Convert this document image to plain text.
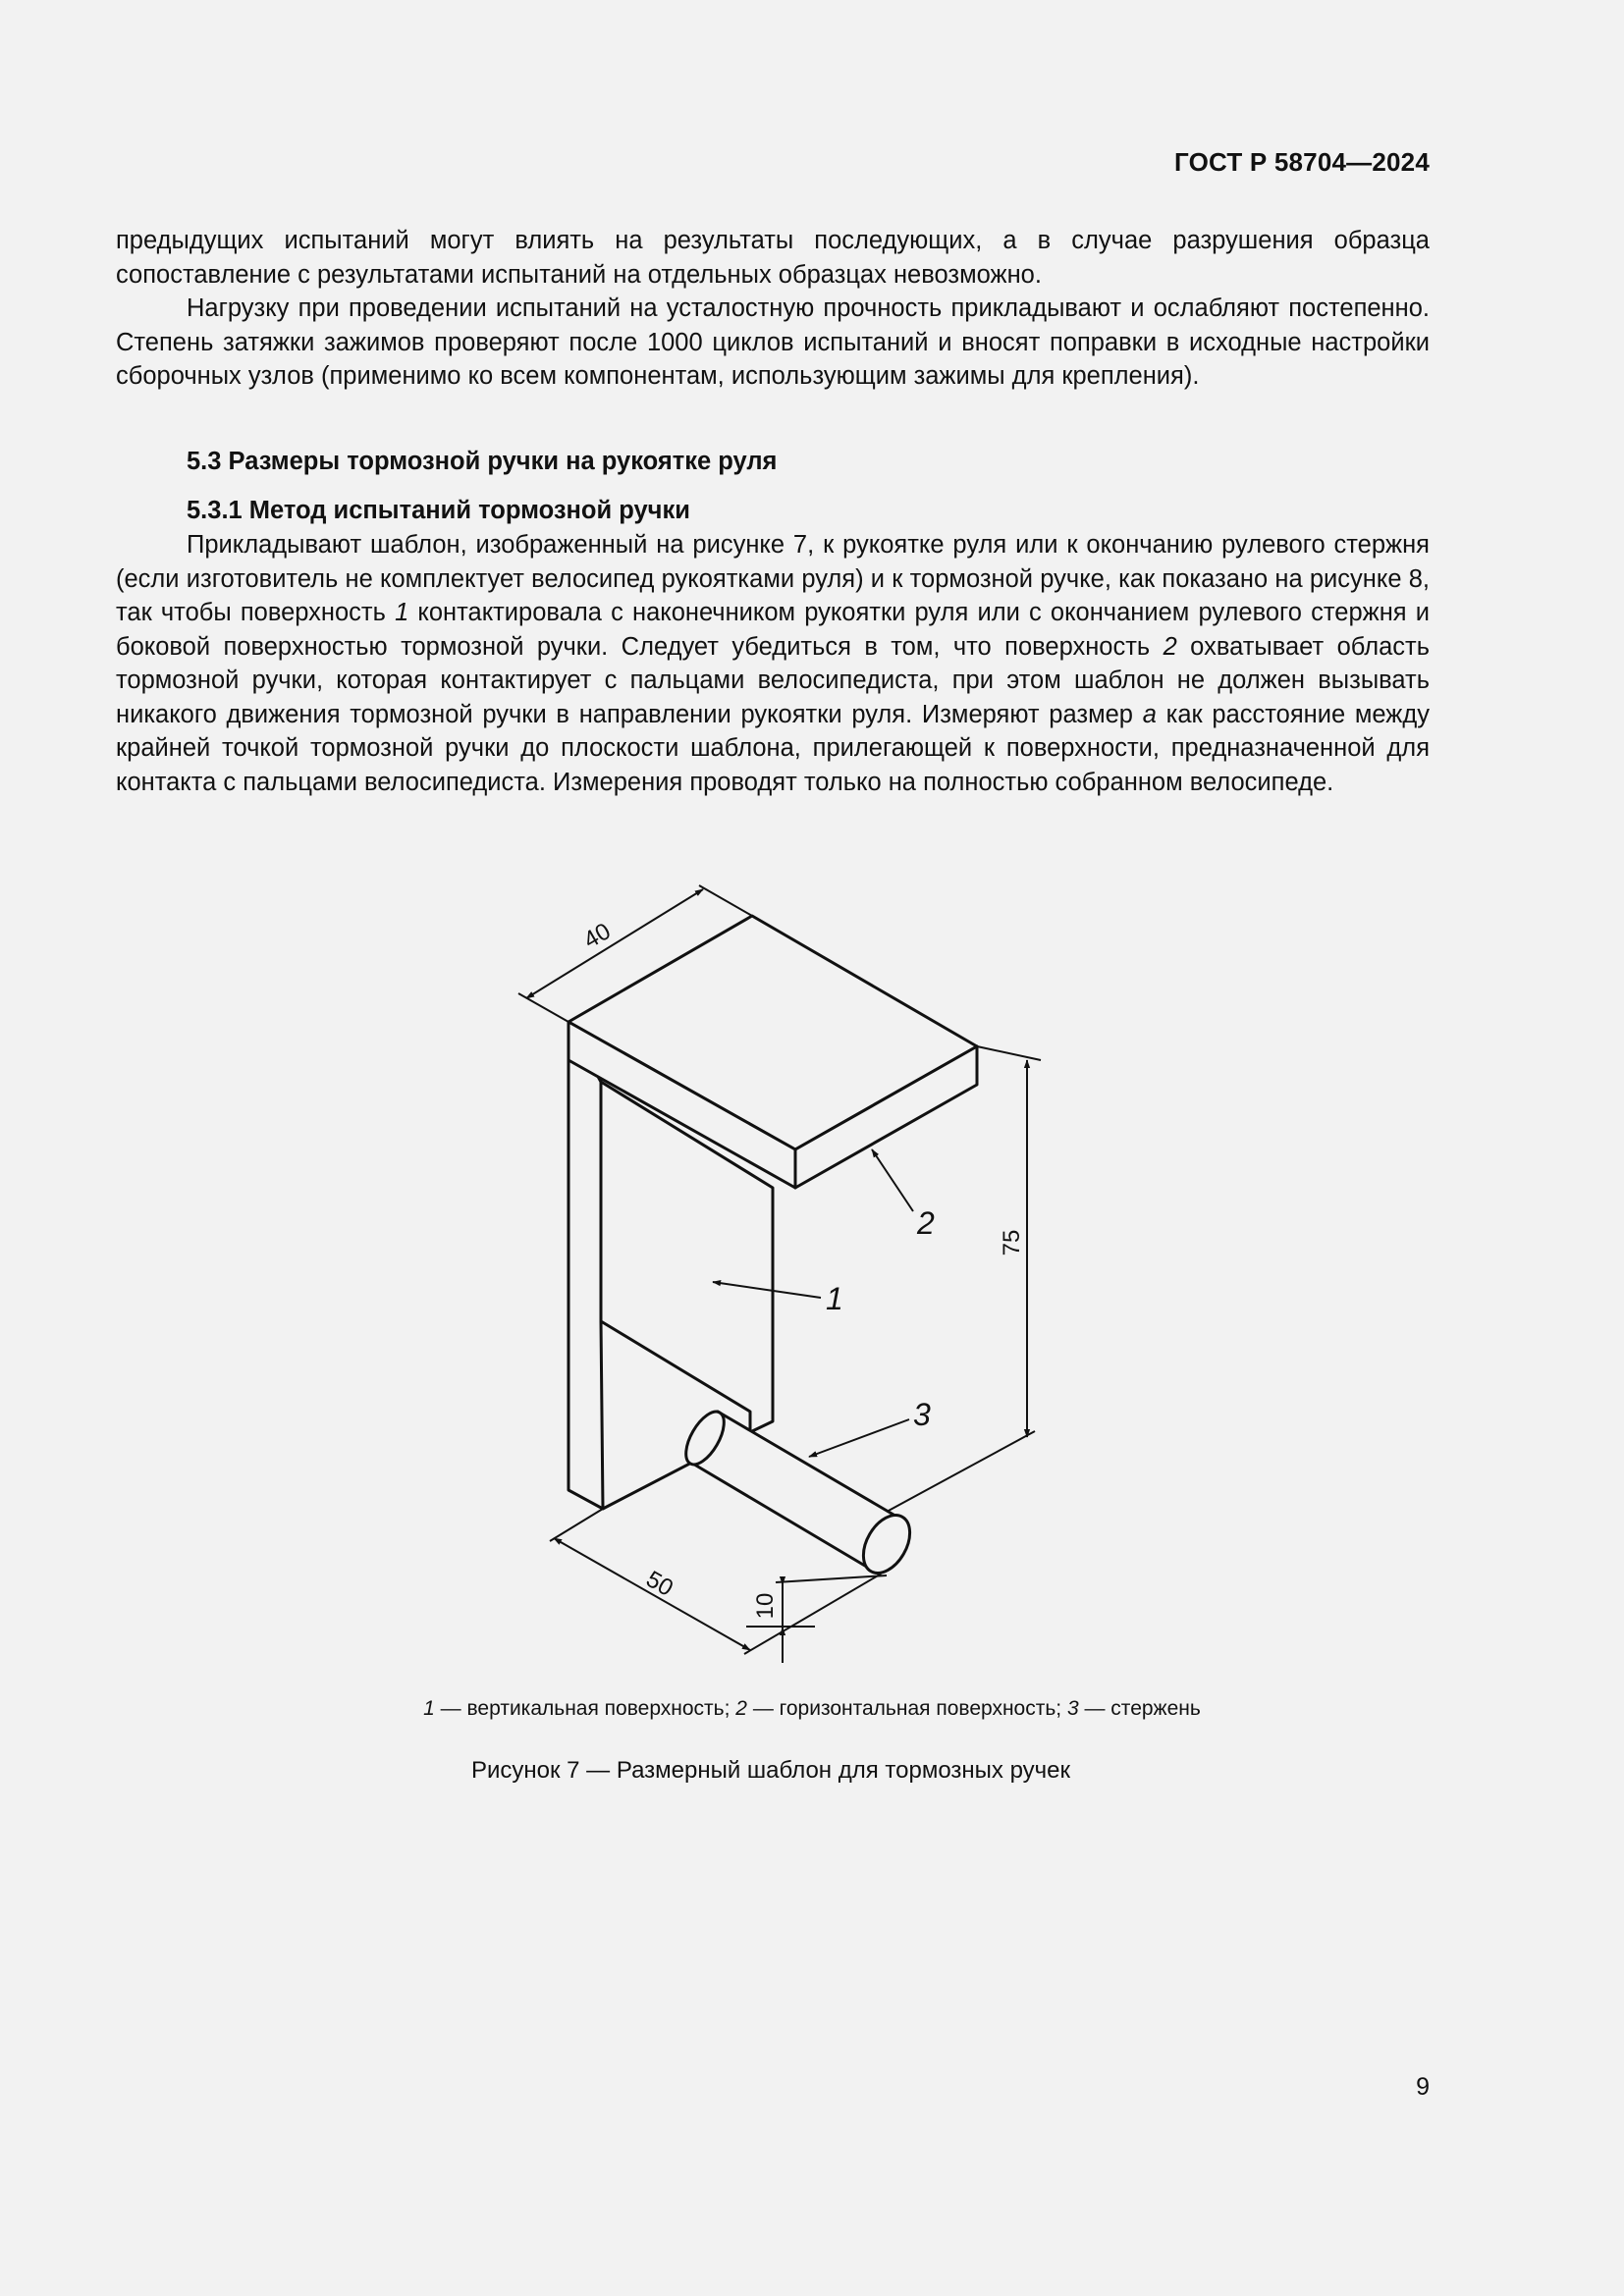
ГОСТ Р 58704—2024

предыдущих испытаний могут влиять на результаты последующих, а в случае разрушения образца сопоставление с результатами испытаний на отдельных образцах невозможно.

Нагрузку при проведении испытаний на усталостную прочность прикладывают и ослабляют постепенно. Степень затяжки зажимов проверяют после 1000 циклов испытаний и вносят поправки в исходные настройки сборочных узлов (применимо ко всем компонентам, использующим зажимы для крепления).

5.3 Размеры тормозной ручки на рукоятке руля
5.3.1 Метод испытаний тормозной ручки

Прикладывают шаблон, изображенный на рисунке 7, к рукоятке руля или к окончанию рулевого стержня (если изготовитель не комплектует велосипед рукоятками руля) и к тормозной ручке, как показано на рисунке 8, так чтобы поверхность 1 контактировала с наконечником рукоятки руля или с окончанием рулевого стержня и боковой поверхностью тормозной ручки. Следует убедиться в том, что поверхность 2 охватывает область тормозной ручки, которая контактирует с пальцами велосипедиста, при этом шаблон не должен вызывать никакого движения тормозной ручки в направлении рукоятки руля. Измеряют размер a как расстояние между крайней точкой тормозной ручки до плоскости шаблона, прилегающей к поверхности, предназначенной для контакта с пальцами велосипедиста. Измерения проводят только на полностью собранном велосипеде.

40
75
50
10
1
2
3
1 — вертикальная поверхность; 2 — горизонтальная поверхность; 3 — стержень
Рисунок 7 — Размерный шаблон для тормозных ручек
9
